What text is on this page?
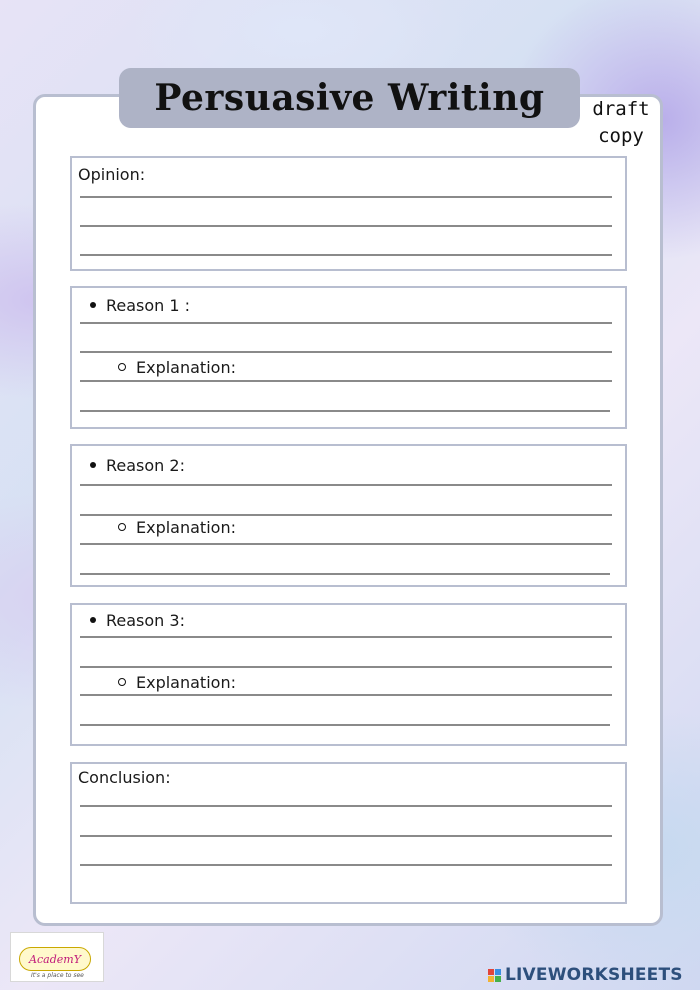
Persuasive Writing	draft
copy
Opinion:
Reason 1 :
Explanation:
Reason 2:
Explanation:
Reason 3:
Explanation:
Conclusion:
AcademY
It's a place to see	LIVEWORKSHEETS
